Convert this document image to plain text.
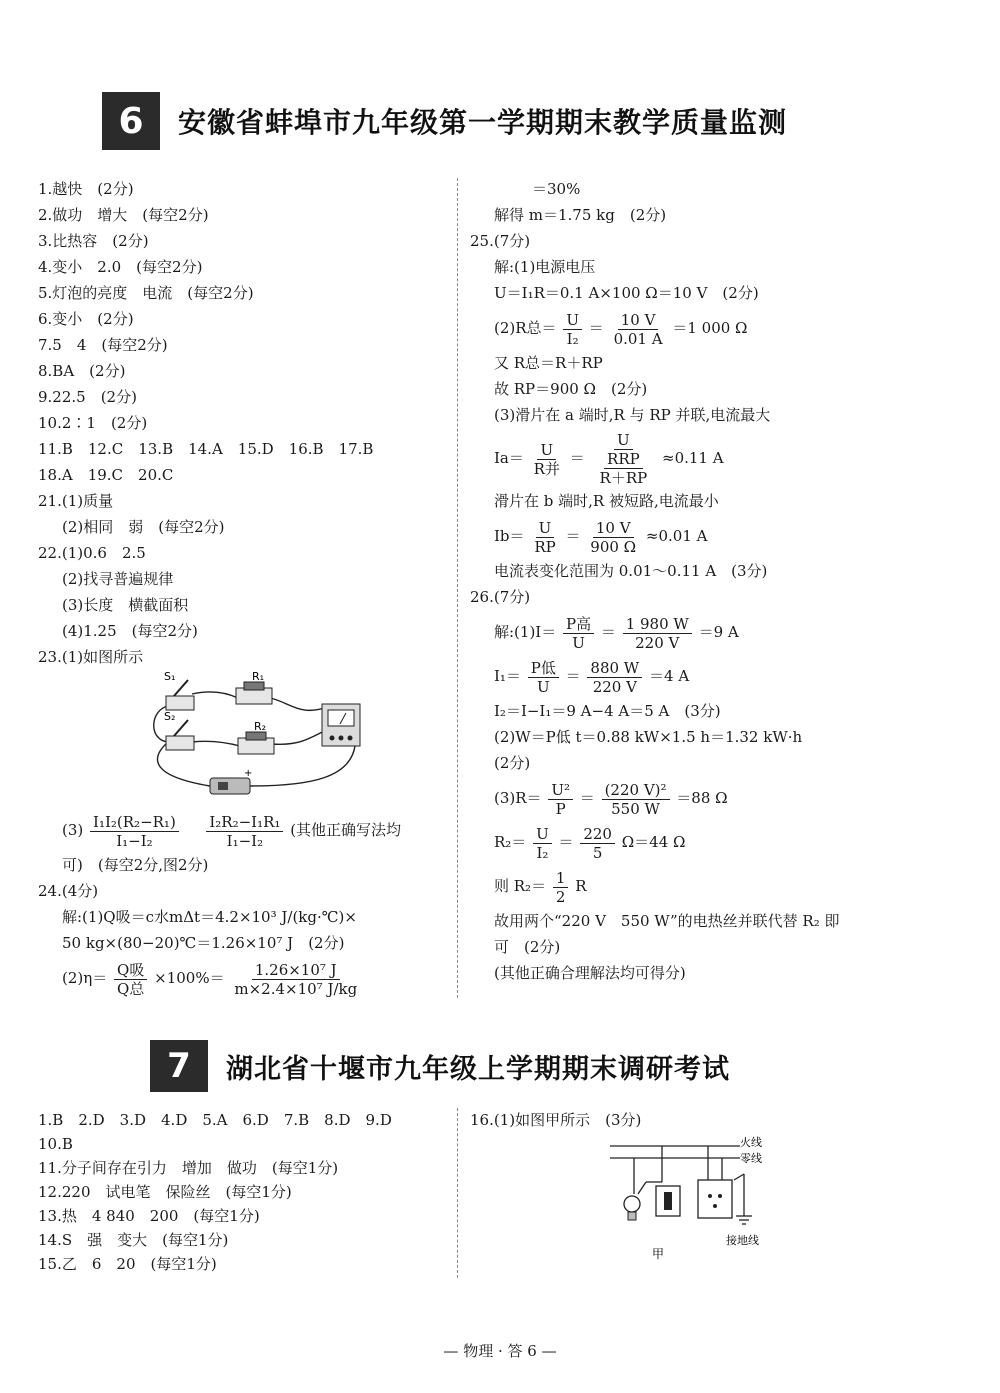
6	安徽省蚌埠市九年级第一学期期末教学质量监测
1.越快　(2分)
2.做功　增大　(每空2分)
3.比热容　(2分)
4.变小　2.0　(每空2分)
5.灯泡的亮度　电流　(每空2分)
6.变小　(2分)
7.5　4　(每空2分)
8.BA　(2分)
9.22.5　(2分)
10.2∶1　(2分)
11.B　12.C　13.B　14.A　15.D　16.B　17.B
18.A　19.C　20.C
21.(1)质量
(2)相同　弱　(每空2分)
22.(1)0.6　2.5
(2)找寻普遍规律
(3)长度　横截面积
(4)1.25　(每空2分)
23.(1)如图所示
+
S₁
S₂
R₁
R₂
$(3) \frac{\text{I₁I₂(R₂−R₁)}}{\text{I₁−I₂}}$
$\frac{\text{I₂R₂−I₁R₁}}{\text{I₁−I₂}}$ (其他正确写法均
可)　(每空2分,图2分)
24.(4分)
解:(1)Q吸＝c水mΔt＝4.2×10³ J/(kg·℃)×
50 kg×(80−20)℃＝1.26×10⁷ J　(2分)
$(2)\eta= \frac{\text{Q吸}}{\text{Q总}} \times 100\%= \frac{\text{1.26×10⁷ J}}{\text{m×2.4×10⁷ J/kg}}$
＝30%
解得 m＝1.75 kg　(2分)
25.(7分)
解:(1)电源电压
U＝I₁R＝0.1 A×100 Ω＝10 V　(2分)
(2)R总＝ $\frac{U}{\text{I₂}} = \frac{10 V}{0.01 A} =1$ 000 Ω
又 R总＝R＋RP
故 RP＝900 Ω　(2分)
(3)滑片在 a 端时,R 与 RP 并联,电流最大
$Ia= \frac{U}{\text{R并}} = \frac{U}{\frac{\text{RRP}}{R+RP}} \approx 0.11$ A
滑片在 b 端时,R 被短路,电流最小
$Ib= \frac{U}{RP} = \frac{10 V}{900 \Omega} \approx 0.01$ A
电流表变化范围为 0.01～0.11 A　(3分)
26.(7分)
解:(1)I＝ $\frac{\text{P高}}{U} = \frac{1 980 W}{220 V} =9$ A
$I_1= \frac{\text{P低}}{U} = \frac{880 W}{220 V} =4$ A
I₂＝I−I₁＝9 A−4 A＝5 A　(3分)
(2)W＝P低 t＝0.88 kW×1.5 h＝1.32 kW·h
(2分)
$(3)R= \frac{\text{U²}}{P} = \frac{\text{(220 V)²}}{550 W} =88$ Ω
$R_2= \frac{U}{\text{I₂}} = \frac{220}{5} \Omega=44$ Ω
则 $R_2= \frac{1}{2}$ R
故用两个“220 V　550 W”的电热丝并联代替 R₂ 即
可　(2分)
(其他正确合理解法均可得分)
7	湖北省十堰市九年级上学期期末调研考试
1.B　2.D　3.D　4.D　5.A　6.D　7.B　8.D　9.D
10.B
11.分子间存在引力　增加　做功　(每空1分)
12.220　试电笔　保险丝　(每空1分)
13.热　4 840　200　(每空1分)
14.S　强　变大　(每空1分)
15.乙　6　20　(每空1分)
16.(1)如图甲所示　(3分)
火线
零线
接地线
甲
— 物理 · 答 6 —
